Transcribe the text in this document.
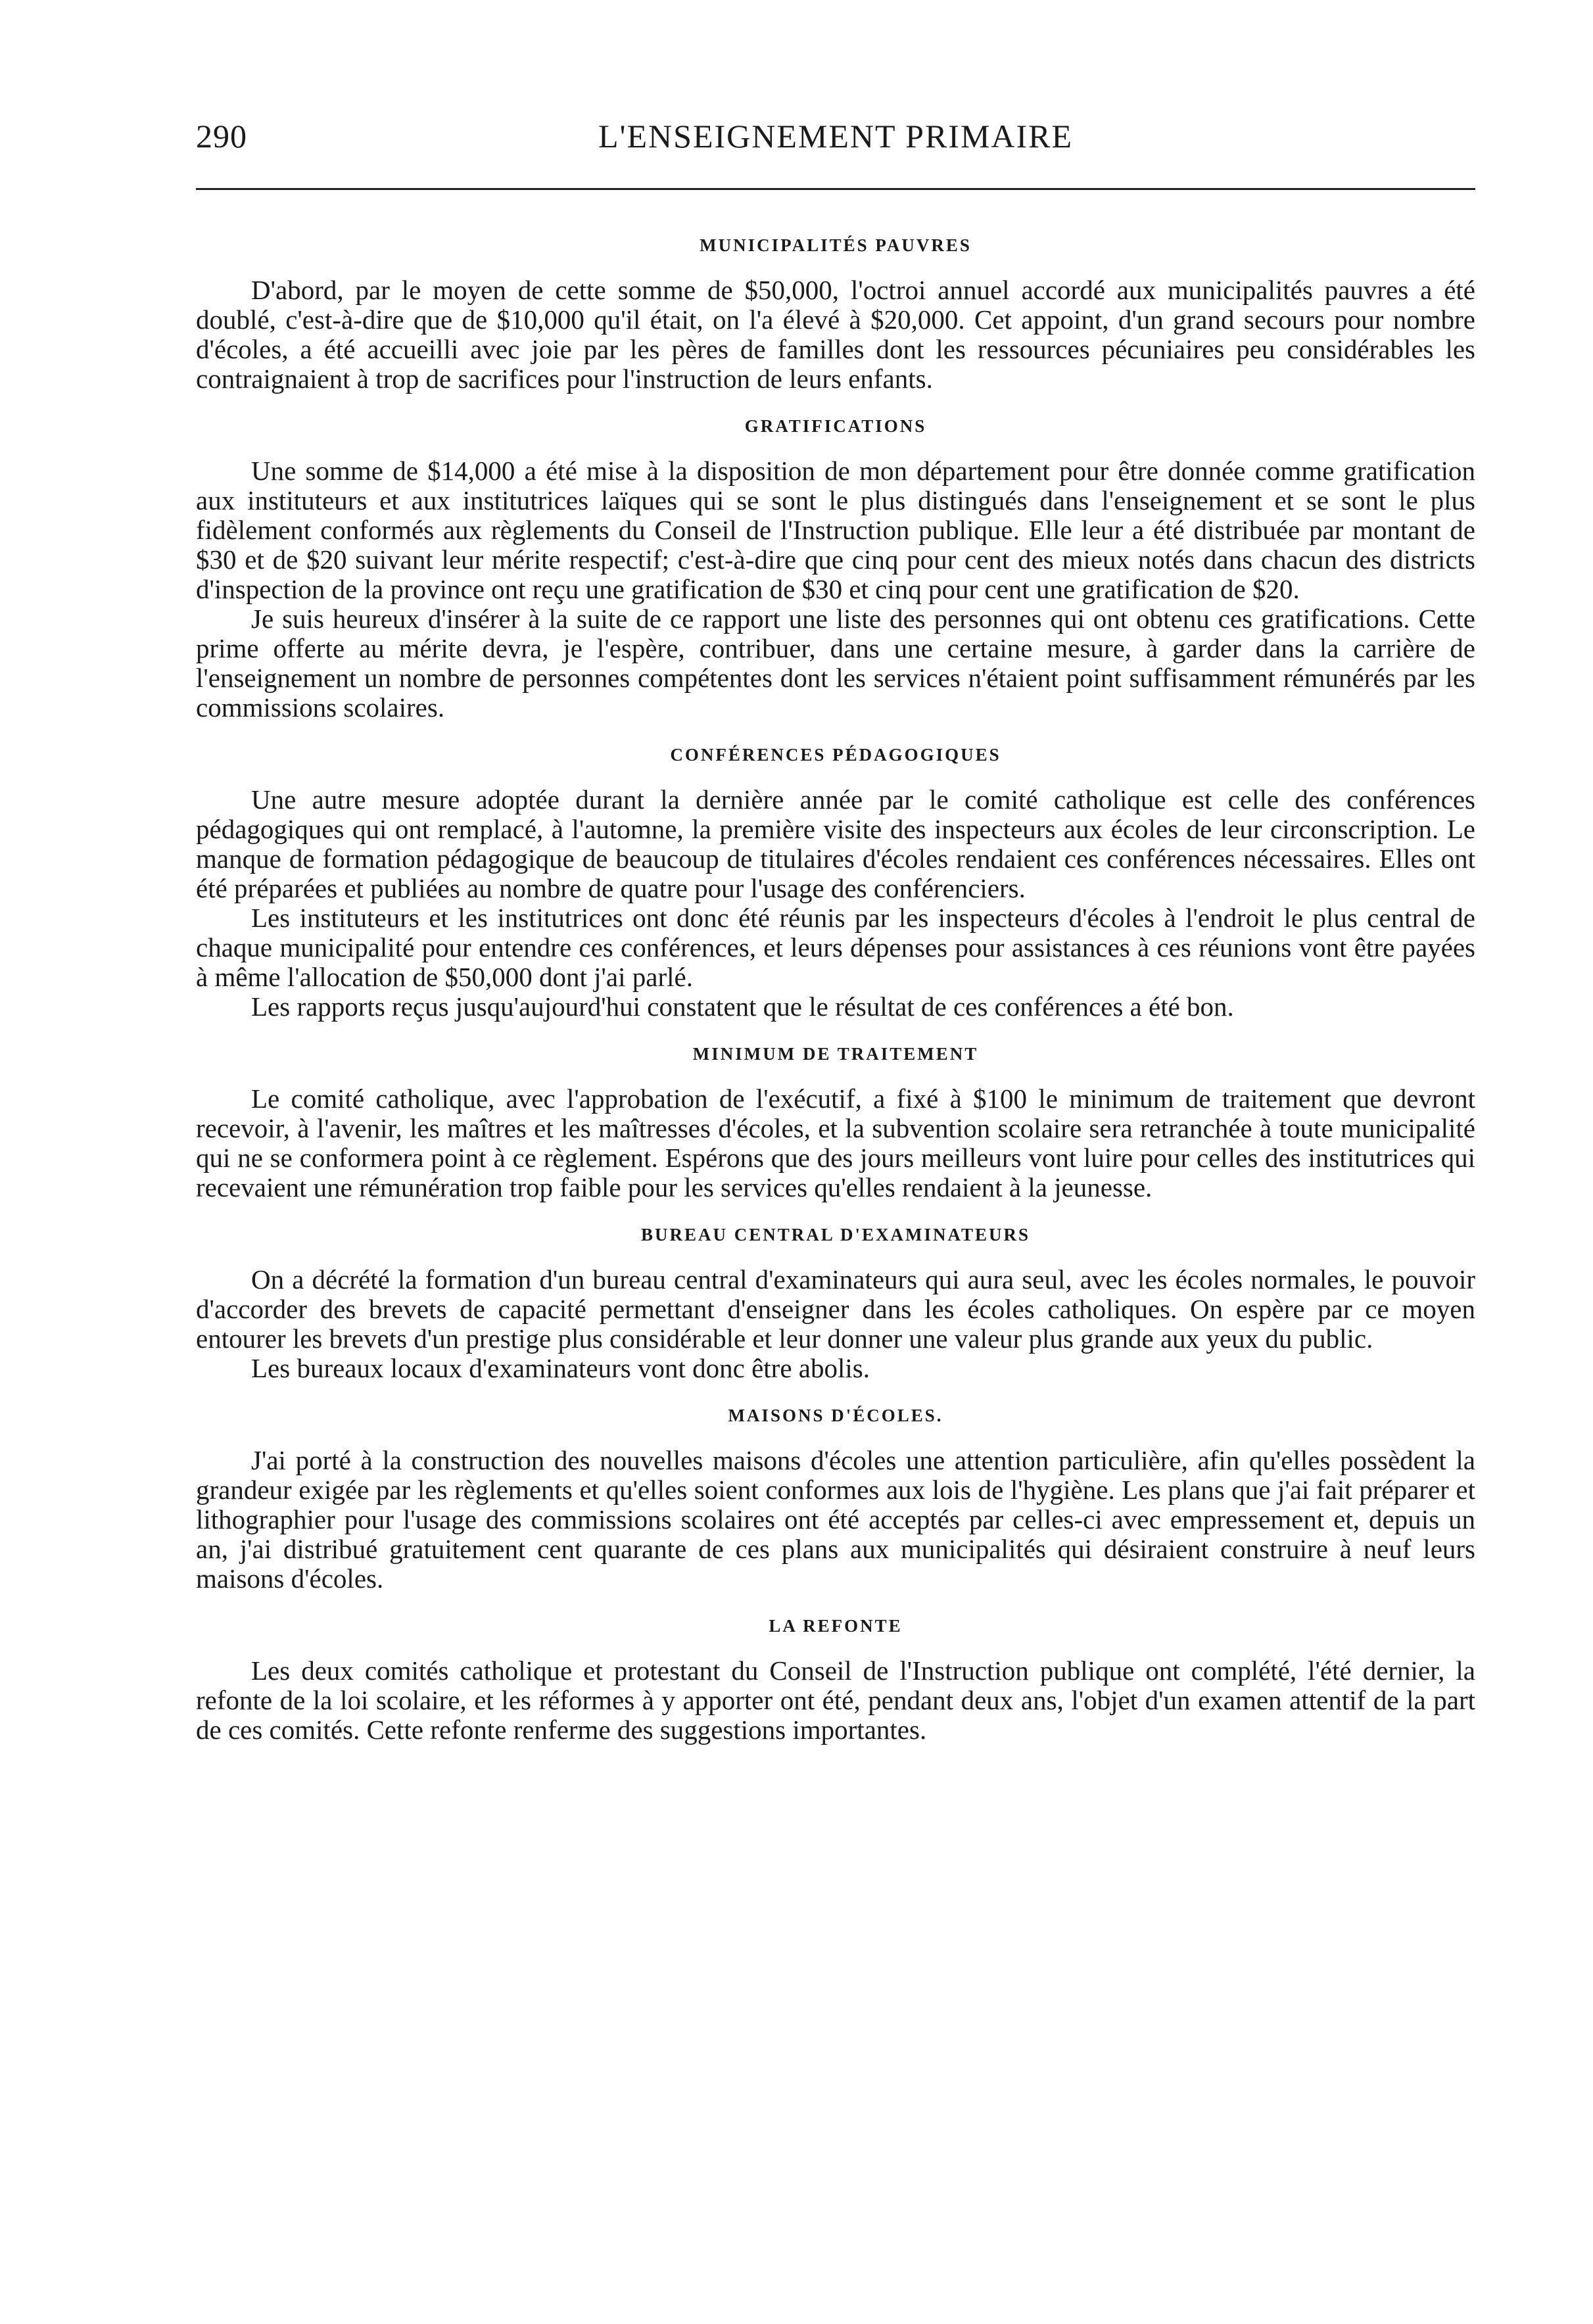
290	L'ENSEIGNEMENT PRIMAIRE
MUNICIPALITÉS PAUVRES

D'abord, par le moyen de cette somme de $50,000, l'octroi annuel accordé aux municipalités pauvres a été doublé, c'est-à-dire que de $10,000 qu'il était, on l'a élevé à $20,000. Cet appoint, d'un grand secours pour nombre d'écoles, a été accueilli avec joie par les pères de familles dont les ressources pécuniaires peu considérables les contraignaient à trop de sacrifices pour l'instruction de leurs enfants.

GRATIFICATIONS

Une somme de $14,000 a été mise à la disposition de mon département pour être donnée comme gratification aux instituteurs et aux institutrices laïques qui se sont le plus distingués dans l'enseignement et se sont le plus fidèlement conformés aux règlements du Conseil de l'Instruction publique. Elle leur a été distribuée par montant de $30 et de $20 suivant leur mérite respectif; c'est-à-dire que cinq pour cent des mieux notés dans chacun des districts d'inspection de la province ont reçu une gratification de $30 et cinq pour cent une gratification de $20.

Je suis heureux d'insérer à la suite de ce rapport une liste des personnes qui ont obtenu ces gratifications. Cette prime offerte au mérite devra, je l'espère, contribuer, dans une certaine mesure, à garder dans la carrière de l'enseignement un nombre de personnes compétentes dont les services n'étaient point suffisamment rémunérés par les commissions scolaires.

CONFÉRENCES PÉDAGOGIQUES

Une autre mesure adoptée durant la dernière année par le comité catholique est celle des conférences pédagogiques qui ont remplacé, à l'automne, la première visite des inspecteurs aux écoles de leur circonscription. Le manque de formation pédagogique de beaucoup de titulaires d'écoles rendaient ces conférences nécessaires. Elles ont été préparées et publiées au nombre de quatre pour l'usage des conférenciers.

Les instituteurs et les institutrices ont donc été réunis par les inspecteurs d'écoles à l'endroit le plus central de chaque municipalité pour entendre ces conférences, et leurs dépenses pour assistances à ces réunions vont être payées à même l'allocation de $50,000 dont j'ai parlé.

Les rapports reçus jusqu'aujourd'hui constatent que le résultat de ces conférences a été bon.

MINIMUM DE TRAITEMENT

Le comité catholique, avec l'approbation de l'exécutif, a fixé à $100 le minimum de traitement que devront recevoir, à l'avenir, les maîtres et les maîtresses d'écoles, et la subvention scolaire sera retranchée à toute municipalité qui ne se conformera point à ce règlement. Espérons que des jours meilleurs vont luire pour celles des institutrices qui recevaient une rémunération trop faible pour les services qu'elles rendaient à la jeunesse.

BUREAU CENTRAL D'EXAMINATEURS

On a décrété la formation d'un bureau central d'examinateurs qui aura seul, avec les écoles normales, le pouvoir d'accorder des brevets de capacité permettant d'enseigner dans les écoles catholiques. On espère par ce moyen entourer les brevets d'un prestige plus considérable et leur donner une valeur plus grande aux yeux du public.

Les bureaux locaux d'examinateurs vont donc être abolis.

MAISONS D'ÉCOLES.

J'ai porté à la construction des nouvelles maisons d'écoles une attention particulière, afin qu'elles possèdent la grandeur exigée par les règlements et qu'elles soient conformes aux lois de l'hygiène. Les plans que j'ai fait préparer et lithographier pour l'usage des commissions scolaires ont été acceptés par celles-ci avec empressement et, depuis un an, j'ai distribué gratuitement cent quarante de ces plans aux municipalités qui désiraient construire à neuf leurs maisons d'écoles.

LA REFONTE

Les deux comités catholique et protestant du Conseil de l'Instruction publique ont complété, l'été dernier, la refonte de la loi scolaire, et les réformes à y apporter ont été, pendant deux ans, l'objet d'un examen attentif de la part de ces comités. Cette refonte renferme des suggestions importantes.
